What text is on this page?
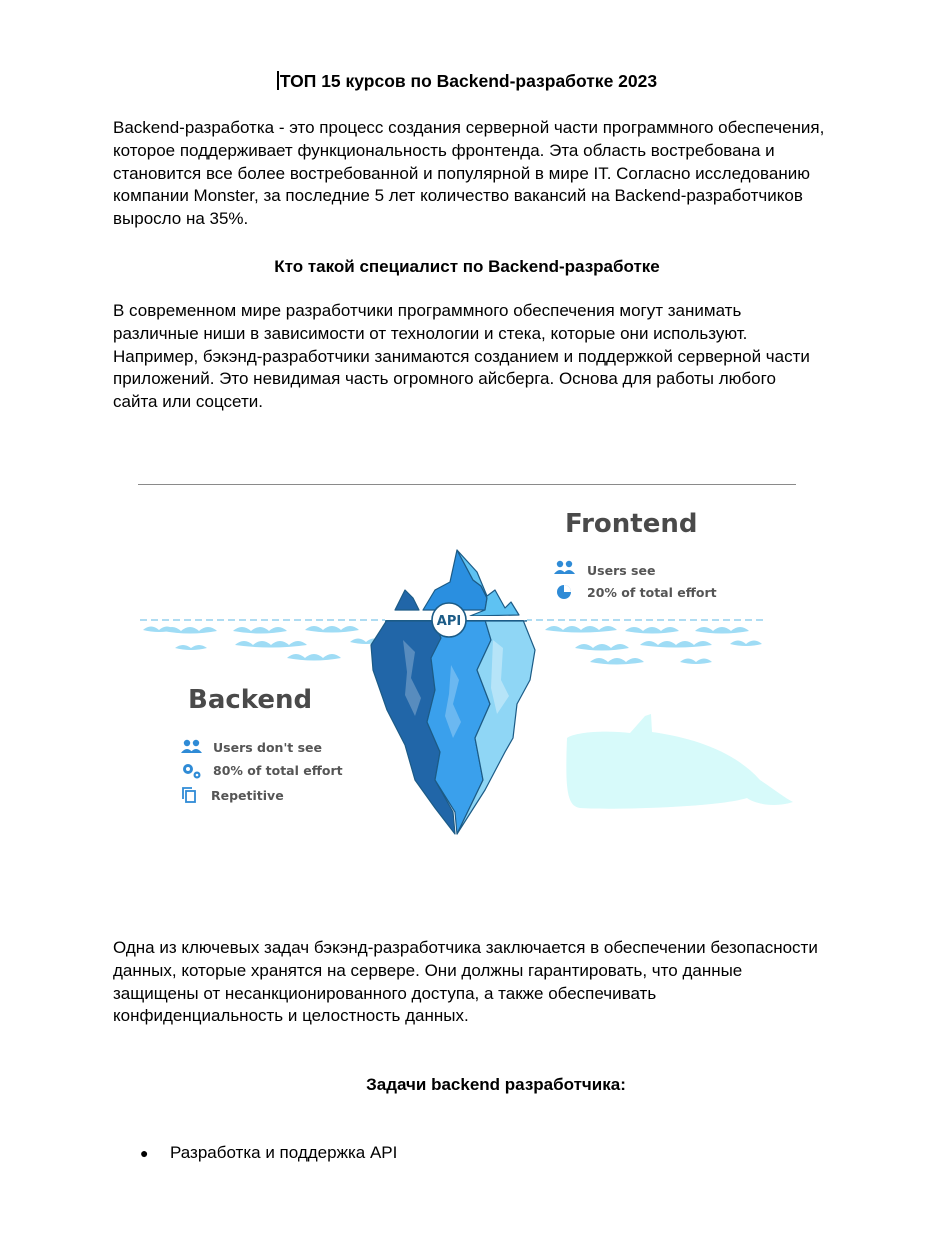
ТОП 15 курсов по Backend-разработке 2023

Backend-разработка - это процесс создания серверной части программного обеспечения, которое поддерживает функциональность фронтенда. Эта область востребована и становится все более востребованной и популярной в мире IT. Согласно исследованию компании Monster, за последние 5 лет количество вакансий на Backend-разработчиков выросло на 35%.

Кто такой специалист по Backend-разработке

В современном мире разработчики программного обеспечения могут занимать различные ниши в зависимости от технологии и стека, которые они используют. Например, бэкэнд-разработчики занимаются созданием и поддержкой серверной части приложений. Это невидимая часть огромного айсберга. Основа для работы любого сайта или соцсети.

API
Frontend
Users see
20% of total effort
Backend
Users don't see
80% of total effort
Repetitive

Одна из ключевых задач бэкэнд-разработчика заключается в обеспечении безопасности данных, которые хранятся на сервере. Они должны гарантировать, что данные защищены от несанкционированного доступа, а также обеспечивать конфиденциальность и целостность данных.

Задачи backend разработчика:
● Разработка и поддержка API
